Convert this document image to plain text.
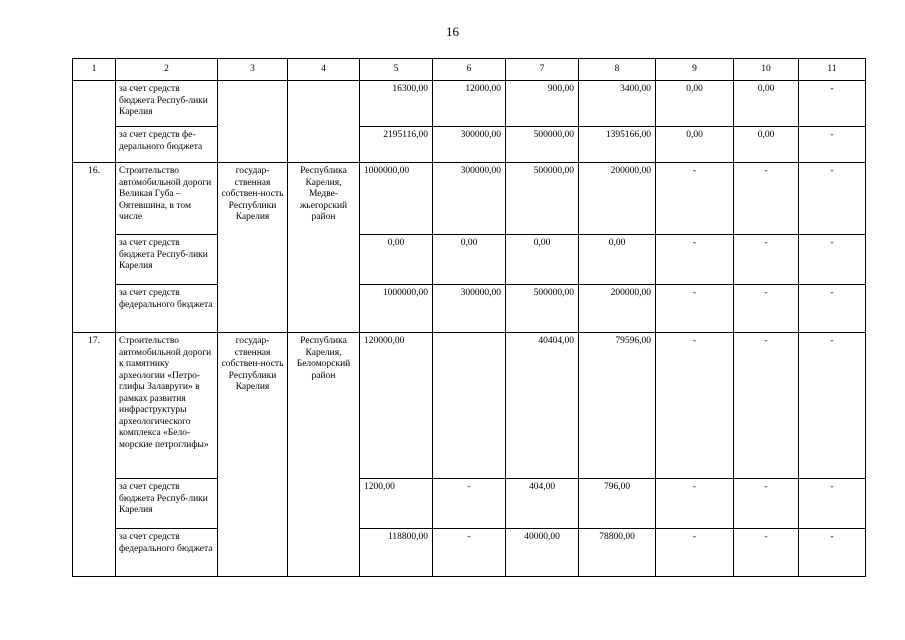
16
1	2	3	4	5	6	7	8	9	10	11
	за счет средств бюджета Респуб-лики Карелия			16300,00	12000,00	900,00	3400,00	0,00	0,00	-
	за счет средств фе-дерального бюджета			2195116,00	300000,00	500000,00	1395166,00	0,00	0,00	-
16.	Строительство автомобильной дороги Великая Губа – Оятевшина, в том числе	государ-ственная собствен-ность Республики Карелия	Республика Карелия, Медве-жьегорский район	1000000,00	300000,00	500000,00	200000,00	-	-	-
	за счет средств бюджета Респуб-лики Карелия			0,00	0,00	0,00	0,00	-	-	-
	за счет средств федерального бюджета			1000000,00	300000,00	500000,00	200000,00	-	-	-
17.	Строительство автомобильной дороги к памятнику археологии «Петро-глифы Залавруги» в рамках развития инфраструктуры археологического комплекса «Бело-морские петроглифы»	государ-ственная собствен-ность Республики Карелия	Республика Карелия, Беломорский район	120000,00		40404,00	79596,00	-	-	-
	за счет средств бюджета Респуб-лики Карелия			1200,00	-	404,00	796,00	-	-	-
	за счет средств федерального бюджета			118800,00	-	40000,00	78800,00	-	-	-
